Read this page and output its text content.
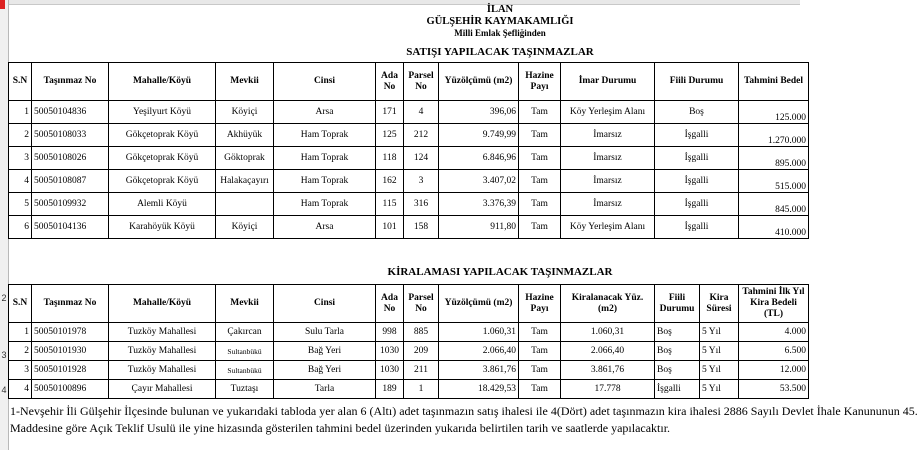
2
3
4
İLAN
GÜLŞEHİR KAYMAKAMLIĞI
Milli Emlak Şefliğinden
SATIŞI YAPILACAK TAŞINMAZLAR
S.N	Taşınmaz No	Mahalle/Köyü	Mevkii	Cinsi	Ada No	Parsel No	Yüzölçümü (m2)	Hazine Payı	İmar Durumu	Fiili Durumu	Tahmini Bedel
1	50050104836	Yeşilyurt Köyü	Köyiçi	Arsa	171	4	396,06	Tam	Köy Yerleşim Alanı	Boş	125.000
2	50050108033	Gökçetoprak Köyü	Akhüyük	Ham Toprak	125	212	9.749,99	Tam	İmarsız	İşgalli	1.270.000
3	50050108026	Gökçetoprak Köyü	Göktoprak	Ham Toprak	118	124	6.846,96	Tam	İmarsız	İşgalli	895.000
4	50050108087	Gökçetoprak Köyü	Halakaçayırı	Ham Toprak	162	3	3.407,02	Tam	İmarsız	İşgalli	515.000
5	50050109932	Alemli Köyü		Ham Toprak	115	316	3.376,39	Tam	İmarsız	İşgalli	845.000
6	50050104136	Karahöyük Köyü	Köyiçi	Arsa	101	158	911,80	Tam	Köy Yerleşim Alanı	İşgalli	410.000
KİRALAMASI YAPILACAK TAŞINMAZLAR
S.N	Taşınmaz No	Mahalle/Köyü	Mevkii	Cinsi	Ada No	Parsel No	Yüzölçümü (m2)	Hazine Payı	Kiralanacak Yüz. (m2)	Fiili Durumu	Kira Süresi	Tahmini İlk Yıl Kira Bedeli (TL)
1	50050101978	Tuzköy Mahallesi	Çakırcan	Sulu Tarla	998	885	1.060,31	Tam	1.060,31	Boş	5 Yıl	4.000
2	50050101930	Tuzköy Mahallesi	Sultanbükü	Bağ Yeri	1030	209	2.066,40	Tam	2.066,40	Boş	5 Yıl	6.500
3	50050101928	Tuzköy Mahallesi	Sultanbükü	Bağ Yeri	1030	211	3.861,76	Tam	3.861,76	Boş	5 Yıl	12.000
4	50050100896	Çayır Mahallesi	Tuztaşı	Tarla	189	1	18.429,53	Tam	17.778	İşgalli	5 Yıl	53.500
1-Nevşehir İli Gülşehir İlçesinde bulunan ve yukarıdaki tabloda yer alan 6 (Altı) adet taşınmazın satış ihalesi ile 4(Dört) adet taşınmazın kira ihalesi 2886 Sayılı Devlet İhale Kanununun 45.
Maddesine göre Açık Teklif Usulü ile yine hizasında gösterilen tahmini bedel üzerinden yukarıda belirtilen tarih ve saatlerde yapılacaktır.
